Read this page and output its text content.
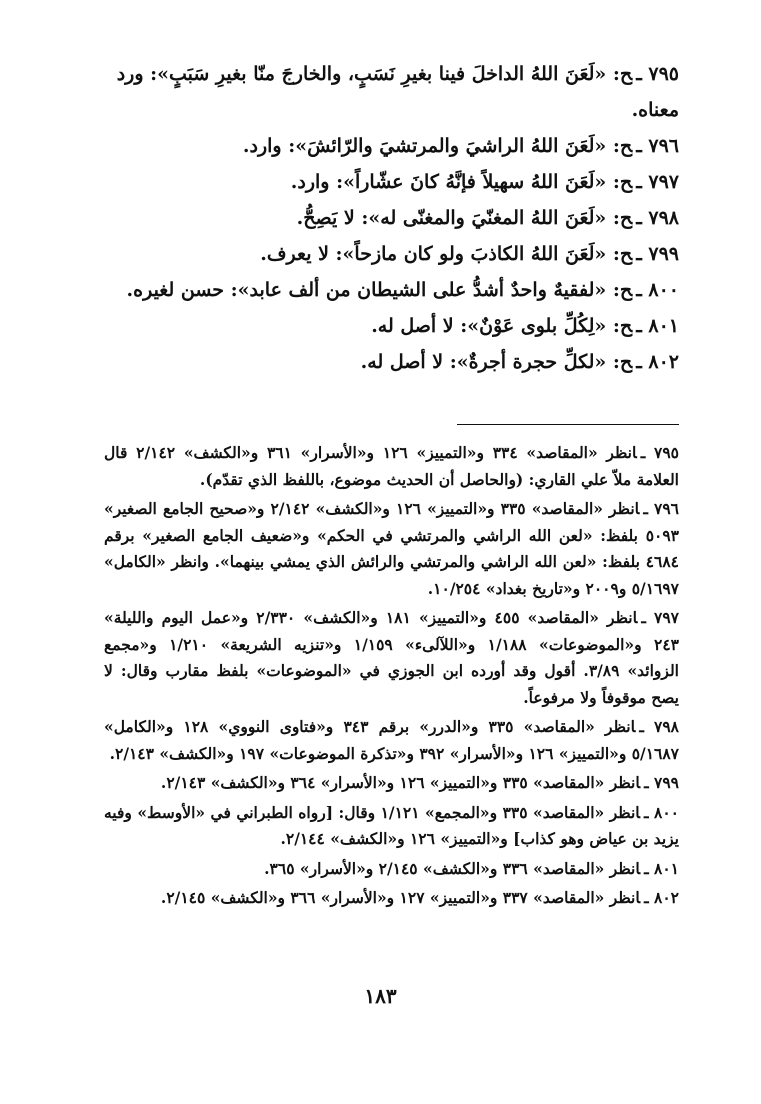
٧٩٥ ـح: «لَعَنَ اللهُ الداخلَ فينا بغيرِ نَسَبٍ، والخارجَ منّا بغيرِ سَبَبٍ»: ورد معناه.
٧٩٦ ـح: «لَعَنَ اللهُ الراشيَ والمرتشيَ والرّائشَ»: وارد.
٧٩٧ ـح: «لَعَنَ اللهُ سهيلاً فإنَّهُ كانَ عشّاراً»: وارد.
٧٩٨ ـح: «لَعَنَ اللهُ المغنّيَ والمغنّى له»: لا يَصِحُّ.
٧٩٩ ـح: «لَعَنَ اللهُ الكاذبَ ولو كان مازحاً»: لا يعرف.
٨٠٠ ـح: «لفقيهٌ واحدٌ أشدُّ على الشيطان من ألف عابد»: حسن لغيره.
٨٠١ ـح: «لِكُلِّ بلوى عَوْنٌ»: لا أصل له.
٨٠٢ ـح: «لكلِّ حجرة أجرةٌ»: لا أصل له.
٧٩٥ ـانظر «المقاصد» ٣٣٤ و«التمييز» ١٢٦ و«الأسرار» ٣٦١ و«الكشف» ٢/١٤٢ قال العلامة ملاّ علي القاري: (والحاصل أن الحديث موضوع، باللفظ الذي تقدّم).
٧٩٦ ـانظر «المقاصد» ٣٣٥ و«التمييز» ١٢٦ و«الكشف» ٢/١٤٢ و«صحيح الجامع الصغير» ٥٠٩٣ بلفظ: «لعن الله الراشي والمرتشي في الحكم» و«ضعيف الجامع الصغير» برقم ٤٦٨٤ بلفظ: «لعن الله الراشي والمرتشي والرائش الذي يمشي بينهما». وانظر «الكامل» ٥/١٦٩٧ و٢٠٠٩ و«تاريخ بغداد» ١٠/٢٥٤.
٧٩٧ ـانظر «المقاصد» ٤٥٥ و«التمييز» ١٨١ و«الكشف» ٢/٣٣٠ و«عمل اليوم والليلة» ٢٤٣ و«الموضوعات» ١/١٨٨ و«اللآلىء» ١/١٥٩ و«تنزيه الشريعة» ١/٢١٠ و«مجمع الزوائد» ٣/٨٩. أقول وقد أورده ابن الجوزي في «الموضوعات» بلفظ مقارب وقال: لا يصح موقوفاً ولا مرفوعاً.
٧٩٨ ـانظر «المقاصد» ٣٣٥ و«الدرر» برقم ٣٤٣ و«فتاوى النووي» ١٢٨ و«الكامل» ٥/١٦٨٧ و«التمييز» ١٢٦ و«الأسرار» ٣٩٢ و«تذكرة الموضوعات» ١٩٧ و«الكشف» ٢/١٤٣.
٧٩٩ ـانظر «المقاصد» ٣٣٥ و«التمييز» ١٢٦ و«الأسرار» ٣٦٤ و«الكشف» ٢/١٤٣.
٨٠٠ ـانظر «المقاصد» ٣٣٥ و«المجمع» ١/١٢١ وقال: [رواه الطبراني في «الأوسط» وفيه يزيد بن عياض وهو كذاب] و«التمييز» ١٢٦ و«الكشف» ٢/١٤٤.
٨٠١ ـانظر «المقاصد» ٣٣٦ و«الكشف» ٢/١٤٥ و«الأسرار» ٣٦٥.
٨٠٢ ـانظر «المقاصد» ٣٣٧ و«التمييز» ١٢٧ و«الأسرار» ٣٦٦ و«الكشف» ٢/١٤٥.
١٨٣
